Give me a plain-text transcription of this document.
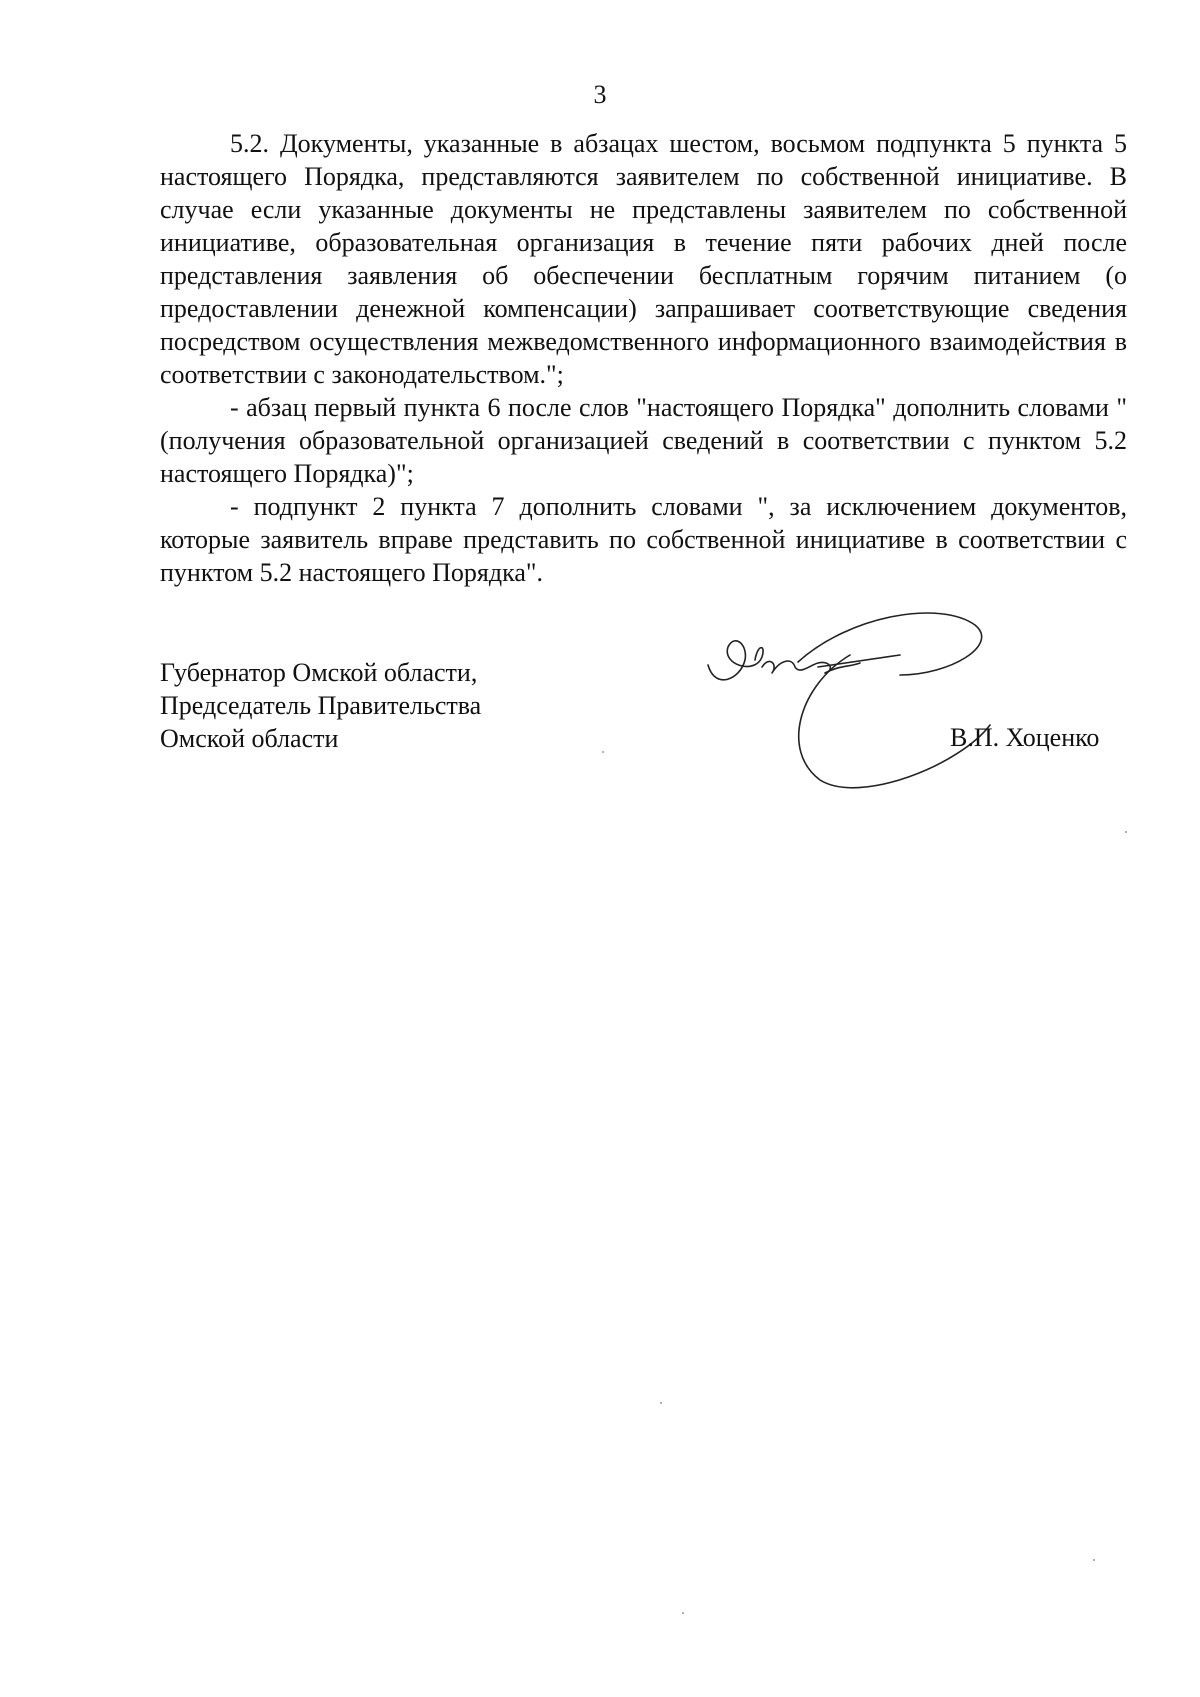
3

5.2. Документы, указанные в абзацах шестом, восьмом подпункта 5 пункта 5 настоящего Порядка, представляются заявителем по собственной инициативе. В случае если указанные документы не представлены заявителем по собственной инициативе, образовательная организация в течение пяти рабочих дней после представления заявления об обеспечении бесплатным горячим питанием (о предоставлении денежной компенсации) запрашивает соответствующие сведения посредством осуществления межведомственного информационного взаимодействия в соответствии с законодательством.";

- абзац первый пункта 6 после слов "настоящего Порядка" дополнить словами "(получения образовательной организацией сведений в соответствии с пунктом 5.2 настоящего Порядка)";

- подпункт 2 пункта 7 дополнить словами ", за исключением документов, которые заявитель вправе представить по собственной инициативе в соответствии с пунктом 5.2 настоящего Порядка".

Губернатор Омской области,
Председатель Правительства
Омской области	В.П. Хоценко
